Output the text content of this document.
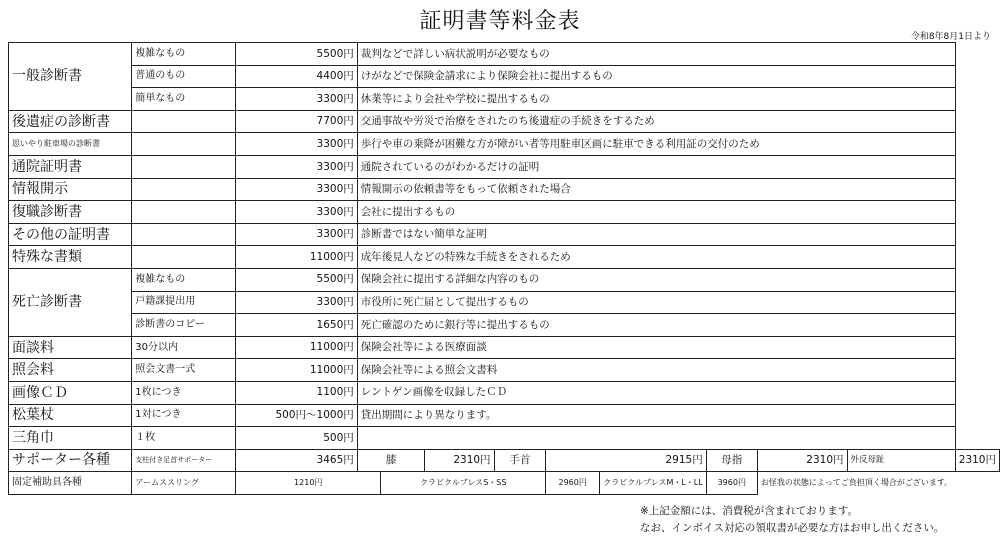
証明書等料金表
令和8年8月1日より
一般診断書	複雑なもの	5500円	裁判などで詳しい病状説明が必要なもの									
	普通のもの	4400円	けがなどで保険金請求により保険会社に提出するもの									
	簡単なもの	3300円	休業等により会社や学校に提出するもの									
後遺症の診断書		7700円	交通事故や労災で治療をされたのち後遺症の手続きをするため									
思いやり駐車場の診断書		3300円	歩行や車の乗降が困難な方が障がい者等用駐車区画に駐車できる利用証の交付のため									
通院証明書		3300円	通院されているのがわかるだけの証明									
情報開示		3300円	情報開示の依頼書等をもって依頼された場合									
復職診断書		3300円	会社に提出するもの									
その他の証明書		3300円	診断書ではない簡単な証明									
特殊な書類		11000円	成年後見人などの特殊な手続きをされるため									
死亡診断書	複雑なもの	5500円	保険会社に提出する詳細な内容のもの									
	戸籍課提出用	3300円	市役所に死亡届として提出するもの									
	診断書のコピー	1650円	死亡確認のために銀行等に提出するもの									
面談料	30分以内	11000円	保険会社等による医療面談									
照会料	照会文書一式	11000円	保険会社等による照会文書料									
画像ＣＤ	1枚につき	1100円	レントゲン画像を収録したＣＤ									
松葉杖	1対につき	500円〜1000円	貸出期間により異なります。									
三角巾	１枚	500円										
サポーター各種	支柱付き足首サポーター	3465円	膝		2310円	手首	2915円		母指	2310円	外反母趾	2310円
固定補助具各種	アームススリング	1210円		クラビクルブレスS・SS			2960円	クラビクルブレスM・L・LL	3960円	お怪我の状態によってご負担頂く場合がございます。		
※上記金額には、消費税が含まれております。
なお、インボイス対応の領収書が必要な方はお申し出ください。
